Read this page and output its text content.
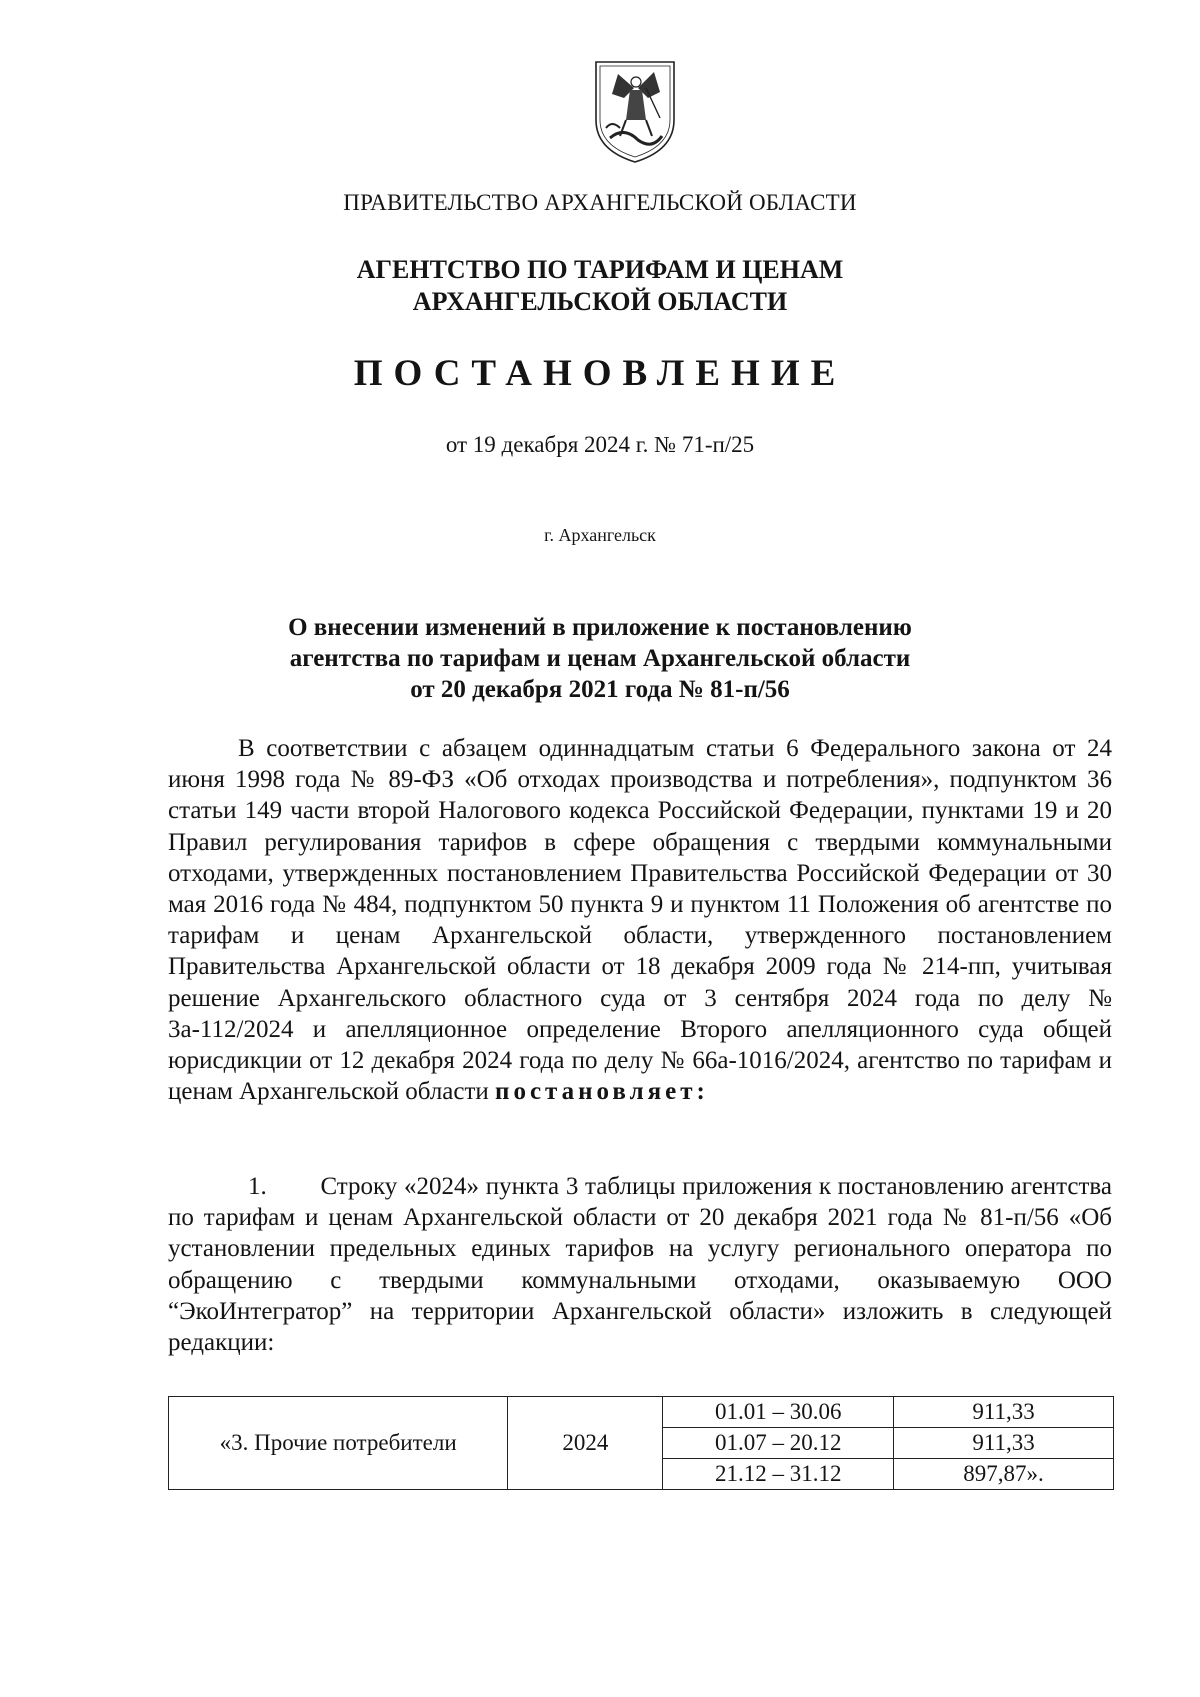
ПРАВИТЕЛЬСТВО АРХАНГЕЛЬСКОЙ ОБЛАСТИ
АГЕНТСТВО ПО ТАРИФАМ И ЦЕНАМ
АРХАНГЕЛЬСКОЙ ОБЛАСТИ
ПОСТАНОВЛЕНИЕ
от 19 декабря 2024 г. № 71-п/25
г. Архангельск
О внесении изменений в приложение к постановлению
агентства по тарифам и ценам Архангельской области
от 20 декабря 2021 года № 81-п/56

В соответствии с абзацем одиннадцатым статьи 6 Федерального закона от 24 июня 1998 года № 89-ФЗ «Об отходах производства и потребления», подпунктом 36 статьи 149 части второй Налогового кодекса Российской Федерации, пунктами 19 и 20 Правил регулирования тарифов в сфере обращения с твердыми коммунальными отходами, утвержденных постановлением Правительства Российской Федерации от 30 мая 2016 года № 484, подпунктом 50 пункта 9 и пунктом 11 Положения об агентстве по тарифам и ценам Архангельской области, утвержденного постановлением Правительства Архангельской области от 18 декабря 2009 года № 214-пп, учитывая решение Архангельского областного суда от 3 сентября 2024 года по делу № 3а-112/2024 и апелляционное определение Второго апелляционного суда общей юрисдикции от 12 декабря 2024 года по делу № 66а-1016/2024, агентство по тарифам и ценам Архангельской области постановляет:

1. Строку «2024» пункта 3 таблицы приложения к постановлению агентства по тарифам и ценам Архангельской области от 20 декабря 2021 года № 81-п/56 «Об установлении предельных единых тарифов на услугу регионального оператора по обращению с твердыми коммунальными отходами, оказываемую ООО “ЭкоИнтегратор” на территории Архангельской области» изложить в следующей редакции:
«3. Прочие потребители	2024	01.01 – 30.06	911,33
		01.07 – 20.12	911,33
		21.12 – 31.12	897,87».
